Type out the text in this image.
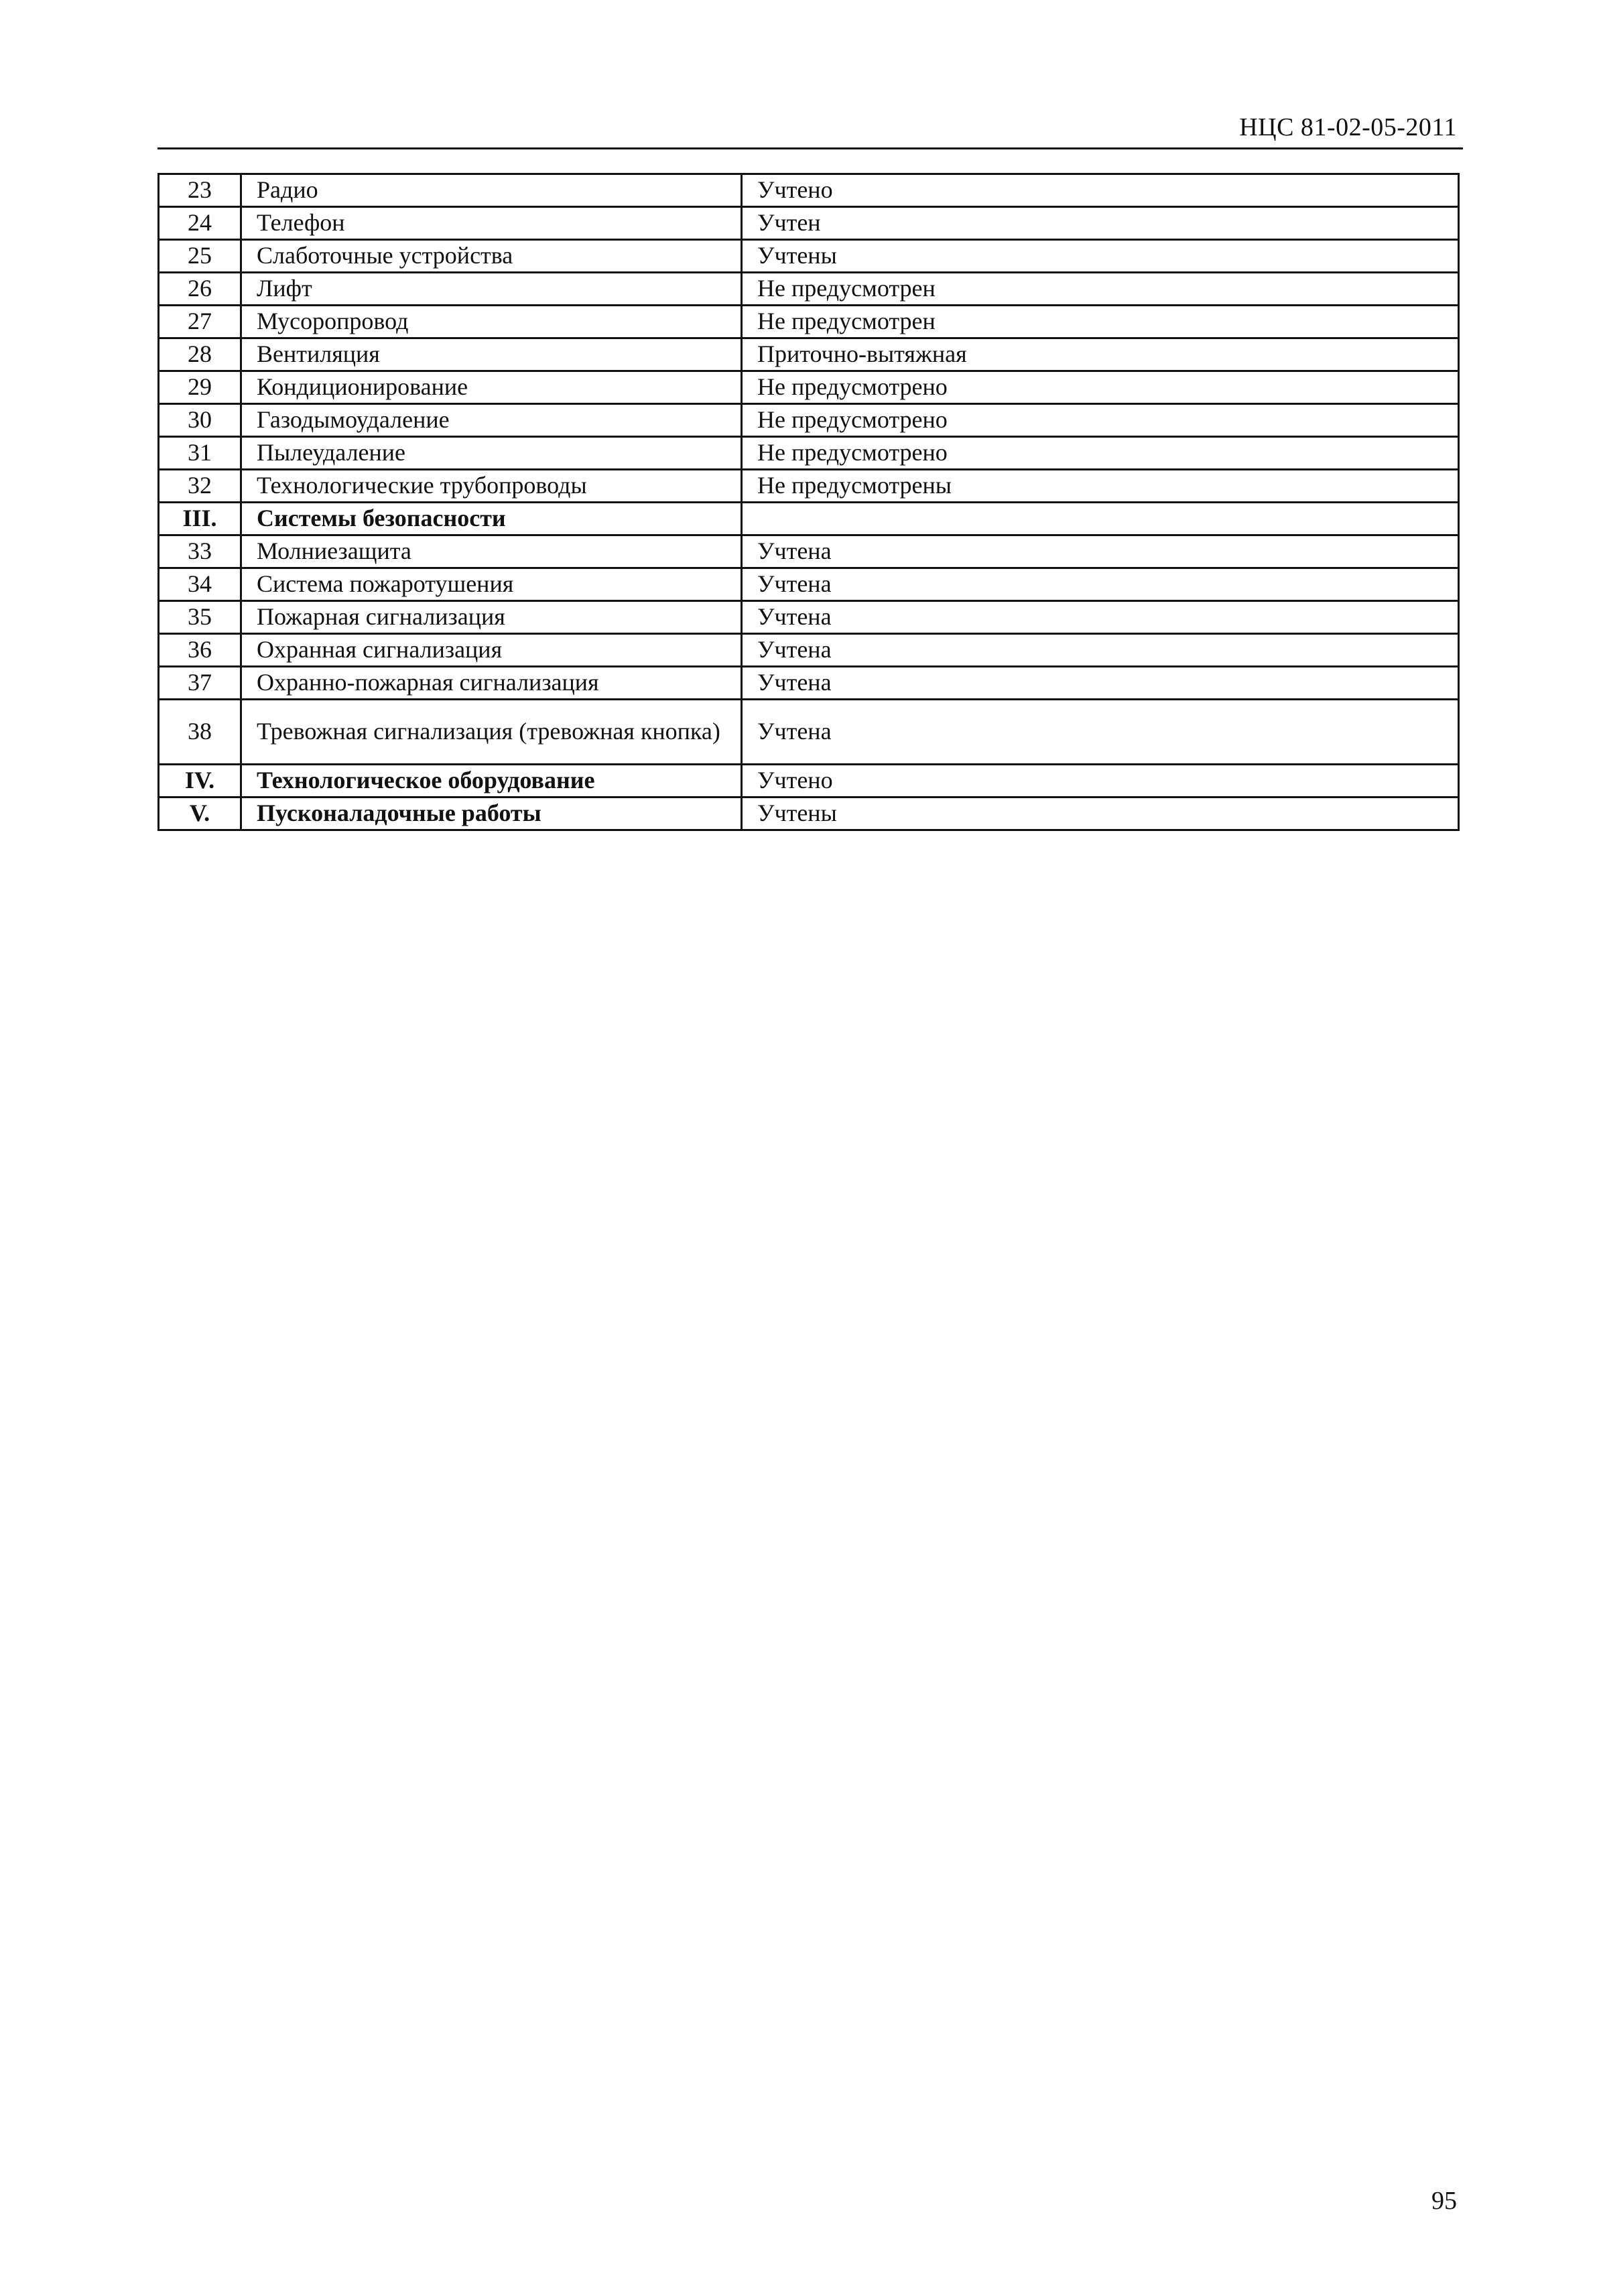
НЦС 81-02-05-2011
23	Радио	Учтено
24	Телефон	Учтен
25	Слаботочные устройства	Учтены
26	Лифт	Не предусмотрен
27	Мусоропровод	Не предусмотрен
28	Вентиляция	Приточно-вытяжная
29	Кондиционирование	Не предусмотрено
30	Газодымоудаление	Не предусмотрено
31	Пылеудаление	Не предусмотрено
32	Технологические трубопроводы	Не предусмотрены
III.	Системы безопасности	
33	Молниезащита	Учтена
34	Система пожаротушения	Учтена
35	Пожарная сигнализация	Учтена
36	Охранная сигнализация	Учтена
37	Охранно-пожарная сигнализация	Учтена
38	Тревожная сигнализация (тревожная кнопка)	Учтена
IV.	Технологическое оборудование	Учтено
V.	Пусконаладочные работы	Учтены
95
